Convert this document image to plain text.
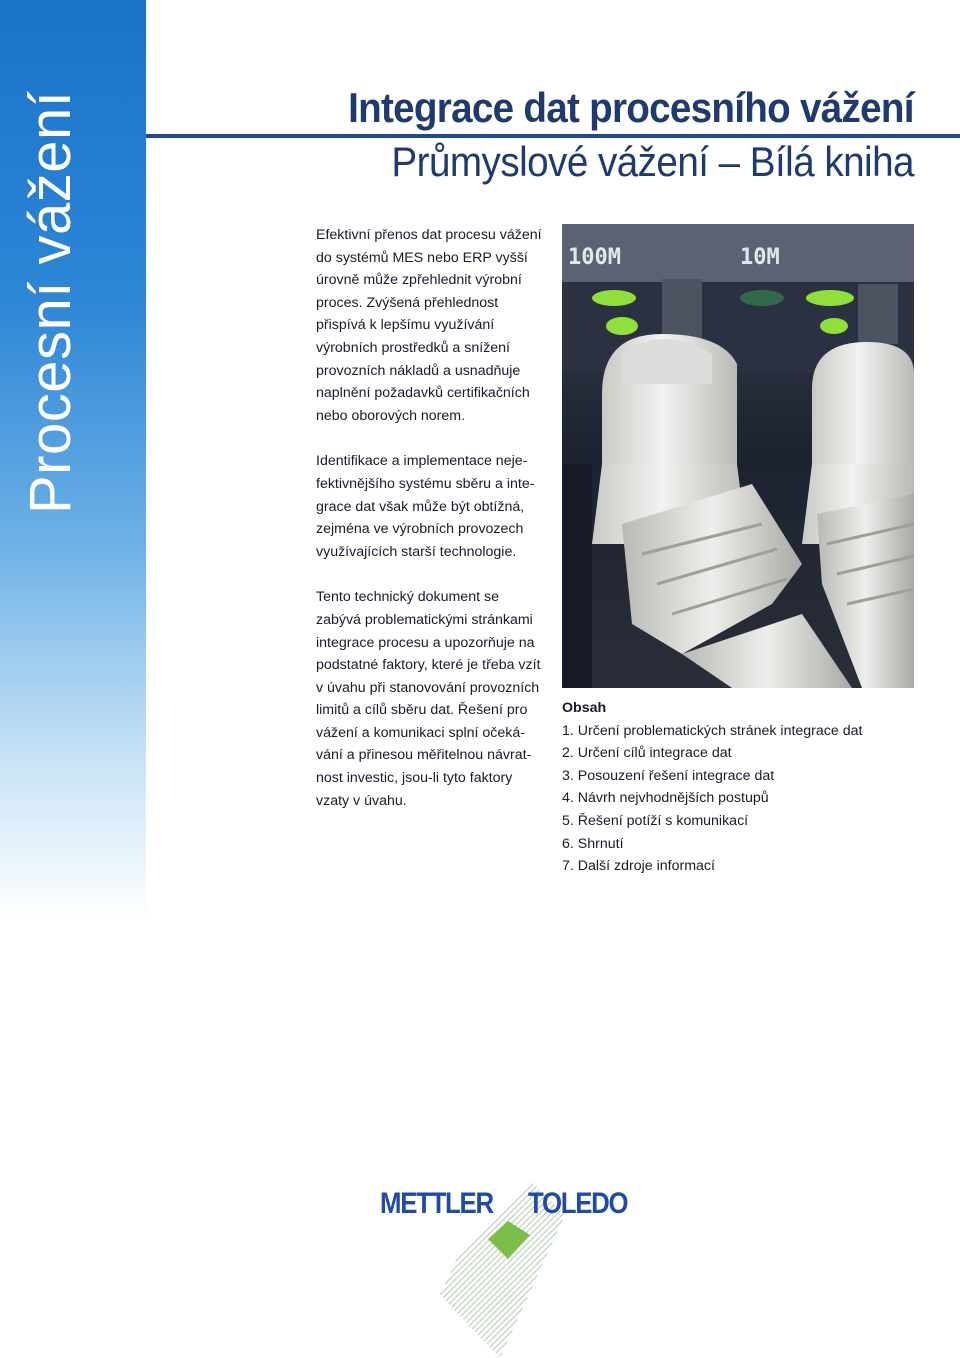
Procesní vážení	Integrace dat procesního vážení
Průmyslové vážení – Bílá kniha

Efektivní přenos dat procesu vážení
do systémů MES nebo ERP vyšší
úrovně může zpřehlednit výrobní
proces. Zvýšená přehlednost
přispívá k lepšímu využívání
výrobních prostředků a snížení
provozních nákladů a usnadňuje
naplnění požadavků certifikačních
nebo oborových norem.

Identifikace a implementace neje-
fektivnějšího systému sběru a inte-
grace dat však může být obtížná,
zejména ve výrobních provozech
využívajících starší technologie.

Tento technický dokument se
zabývá problematickými stránkami
integrace procesu a upozorňuje na
podstatné faktory, které je třeba vzít
v úvahu při stanovování provozních
limitů a cílů sběru dat. Řešení pro
vážení a komunikaci splní očeká-
vání a přinesou měřitelnou návrat-
nost investic, jsou-li tyto faktory
vzaty v úvahu.

100M	10M
Obsah
1. Určení problematických stránek integrace dat
2. Určení cílů integrace dat
3. Posouzení řešení integrace dat
4. Návrh nejvhodnějších postupů
5. Řešení potíží s komunikací
6. Shrnutí
7. Další zdroje informací
METTLER TOLEDO
